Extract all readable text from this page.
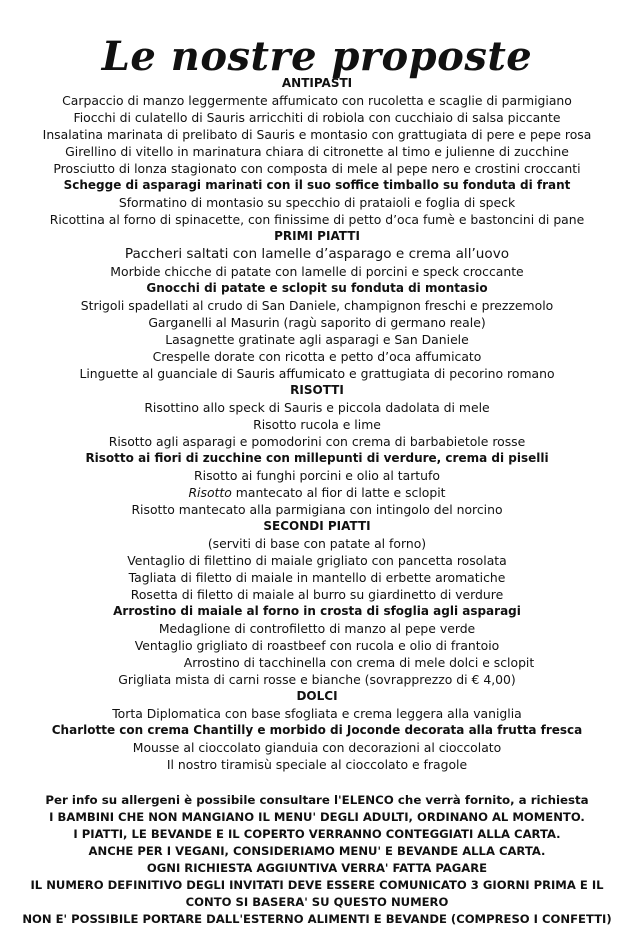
Le nostre proposte
ANTIPASTI
Carpaccio di manzo leggermente affumicato con rucoletta e scaglie di parmigiano
Fiocchi di culatello di Sauris arricchiti di robiola con cucchiaio di salsa piccante
Insalatina marinata di prelibato di Sauris e montasio con grattugiata di pere e pepe rosa
Girellino di vitello in marinatura chiara di citronette al timo e julienne di zucchine
Prosciutto di lonza stagionato con composta di mele al pepe nero e crostini croccanti
Schegge di asparagi marinati con il suo soffice timballo su fonduta di frant
Sformatino di montasio su specchio di prataioli e foglia di speck
Ricottina al forno di spinacette, con finissime di petto d’oca fumè e bastoncini di pane
PRIMI PIATTI
Paccheri saltati con lamelle d’asparago e crema all’uovo
Morbide chicche di patate con lamelle di porcini e speck croccante
Gnocchi di patate e sclopit su fonduta di montasio
Strigoli spadellati al crudo di San Daniele, champignon freschi e prezzemolo
Garganelli al Masurin (ragù saporito di germano reale)
Lasagnette gratinate agli asparagi e San Daniele
Crespelle dorate con ricotta e petto d’oca affumicato
Linguette al guanciale di Sauris affumicato e grattugiata di pecorino romano
RISOTTI
Risottino allo speck di Sauris e piccola dadolata di mele
Risotto rucola e lime
Risotto agli asparagi e pomodorini con crema di barbabietole rosse
Risotto ai fiori di zucchine con millepunti di verdure, crema di piselli
Risotto ai funghi porcini e olio al tartufo
Risotto mantecato al fior di latte e sclopit
Risotto mantecato alla parmigiana con intingolo del norcino
SECONDI PIATTI
(serviti di base con patate al forno)
Ventaglio di filettino di maiale grigliato con pancetta rosolata
Tagliata di filetto di maiale in mantello di erbette aromatiche
Rosetta di filetto di maiale al burro su giardinetto di verdure
Arrostino di maiale al forno in crosta di sfoglia agli asparagi
Medaglione di controfiletto di manzo al pepe verde
Ventaglio grigliato di roastbeef con rucola e olio di frantoio
Arrostino di tacchinella con crema di mele dolci e sclopit
Grigliata mista di carni rosse e bianche (sovrapprezzo di € 4,00)
DOLCI
Torta Diplomatica con base sfogliata e crema leggera alla vaniglia
Charlotte con crema Chantilly e morbido di Joconde decorata alla frutta fresca
Mousse al cioccolato gianduia con decorazioni al cioccolato
Il nostro tiramisù speciale al cioccolato e fragole
Per info su allergeni è possibile consultare l'ELENCO che verrà fornito, a richiesta
I BAMBINI CHE NON MANGIANO IL MENU' DEGLI ADULTI, ORDINANO AL MOMENTO.
I PIATTI, LE BEVANDE E IL COPERTO VERRANNO CONTEGGIATI ALLA CARTA.
ANCHE PER I VEGANI, CONSIDERIAMO MENU' E BEVANDE ALLA CARTA.
OGNI RICHIESTA AGGIUNTIVA VERRA' FATTA PAGARE
IL NUMERO DEFINITIVO DEGLI INVITATI DEVE ESSERE COMUNICATO 3 GIORNI PRIMA E IL
CONTO SI BASERA' SU QUESTO NUMERO
NON E' POSSIBILE PORTARE DALL'ESTERNO ALIMENTI E BEVANDE (COMPRESO I CONFETTI)
